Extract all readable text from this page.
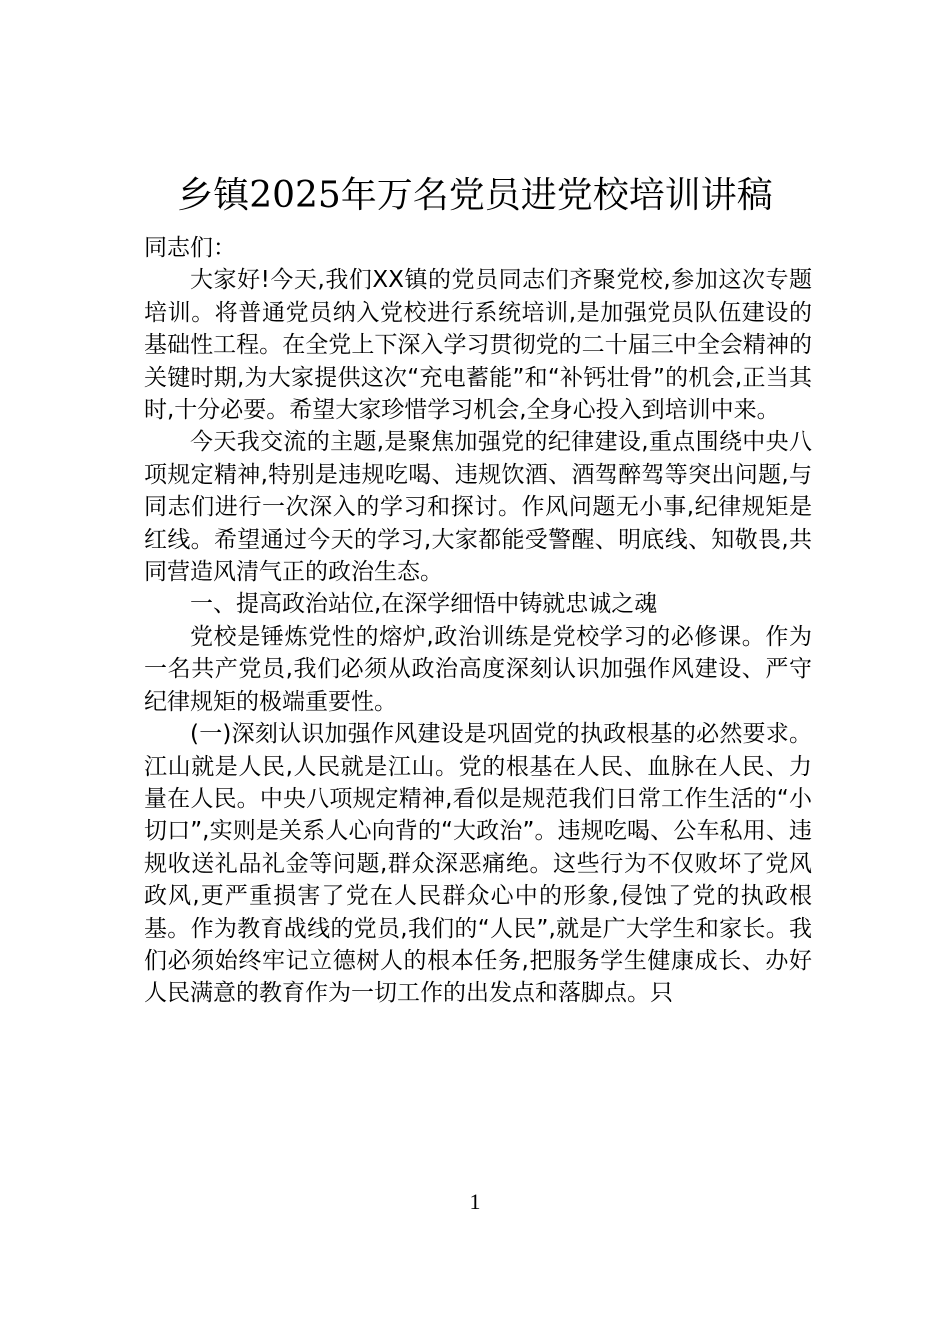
乡镇2025年万名党员进党校培训讲稿

同志们：

大家好!今天,我们XX镇的党员同志们齐聚党校,参加这次专题培训。将普通党员纳入党校进行系统培训,是加强党员队伍建设的基础性工程。在全党上下深入学习贯彻党的二十届三中全会精神的关键时期,为大家提供这次“充电蓄能”和“补钙壮骨”的机会,正当其时,十分必要。希望大家珍惜学习机会,全身心投入到培训中来。

今天我交流的主题,是聚焦加强党的纪律建设,重点围绕中央八项规定精神,特别是违规吃喝、违规饮酒、酒驾醉驾等突出问题,与同志们进行一次深入的学习和探讨。作风问题无小事,纪律规矩是红线。希望通过今天的学习,大家都能受警醒、明底线、知敬畏,共同营造风清气正的政治生态。

一、提高政治站位,在深学细悟中铸就忠诚之魂

党校是锤炼党性的熔炉,政治训练是党校学习的必修课。作为一名共产党员,我们必须从政治高度深刻认识加强作风建设、严守纪律规矩的极端重要性。

(一)深刻认识加强作风建设是巩固党的执政根基的必然要求。江山就是人民,人民就是江山。党的根基在人民、血脉在人民、力量在人民。中央八项规定精神,看似是规范我们日常工作生活的“小切口”,实则是关系人心向背的“大政治”。违规吃喝、公车私用、违规收送礼品礼金等问题,群众深恶痛绝。这些行为不仅败坏了党风政风,更严重损害了党在人民群众心中的形象,侵蚀了党的执政根基。作为教育战线的党员,我们的“人民”,就是广大学生和家长。我们必须始终牢记立德树人的根本任务,把服务学生健康成长、办好人民满意的教育作为一切工作的出发点和落脚点。只

1
